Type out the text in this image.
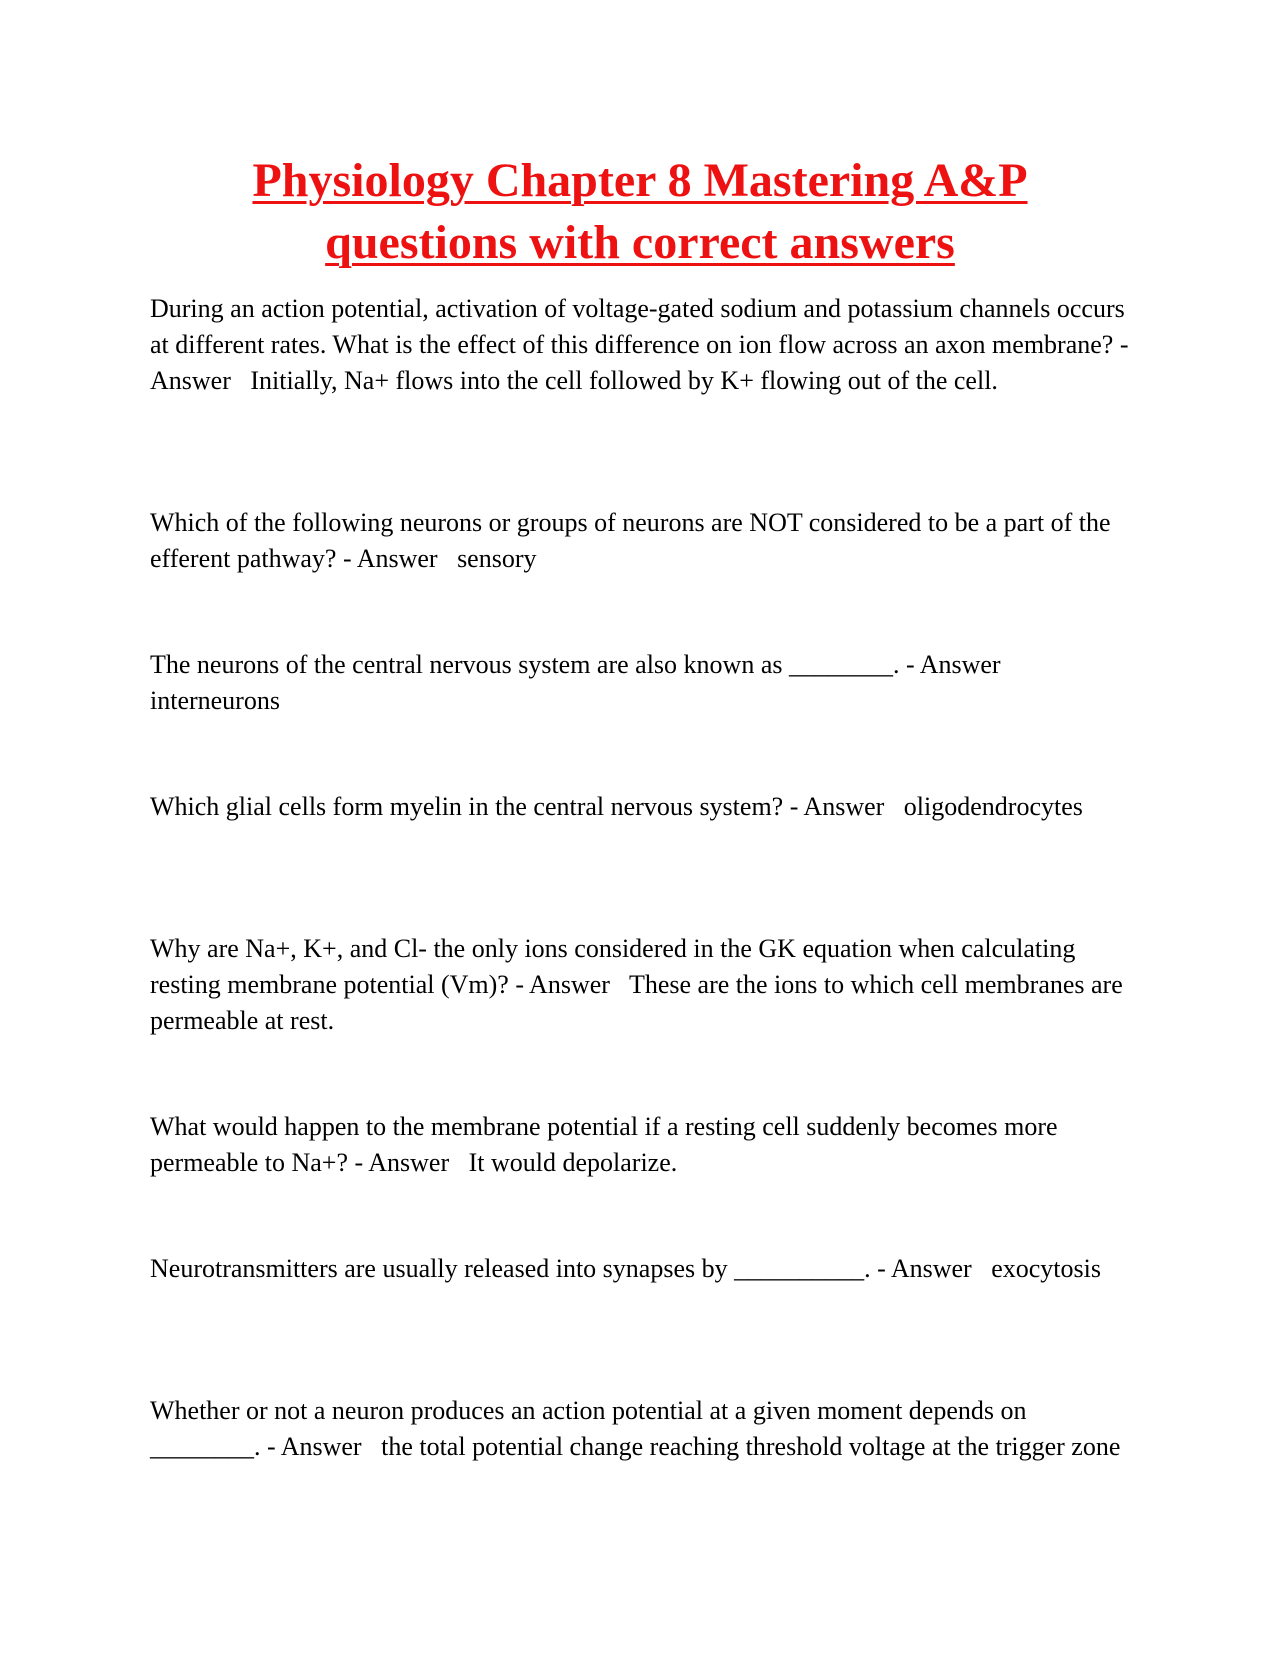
Physiology Chapter 8 Mastering A&P
questions with correct answers

During an action potential, activation of voltage-gated sodium and potassium channels occurs at different rates. What is the effect of this difference on ion flow across an axon membrane? - Answer Initially, Na+ flows into the cell followed by K+ flowing out of the cell.

Which of the following neurons or groups of neurons are NOT considered to be a part of the efferent pathway? - Answer sensory

The neurons of the central nervous system are also known as ________. - Answer   interneurons

Which glial cells form myelin in the central nervous system? - Answer oligodendrocytes

Why are Na+, K+, and Cl- the only ions considered in the GK equation when calculating resting membrane potential (Vm)? - Answer These are the ions to which cell membranes are permeable at rest.

What would happen to the membrane potential if a resting cell suddenly becomes more permeable to Na+? - Answer It would depolarize.

Neurotransmitters are usually released into synapses by __________. - Answer exocytosis

Whether or not a neuron produces an action potential at a given moment depends on ________. - Answer the total potential change reaching threshold voltage at the trigger zone
